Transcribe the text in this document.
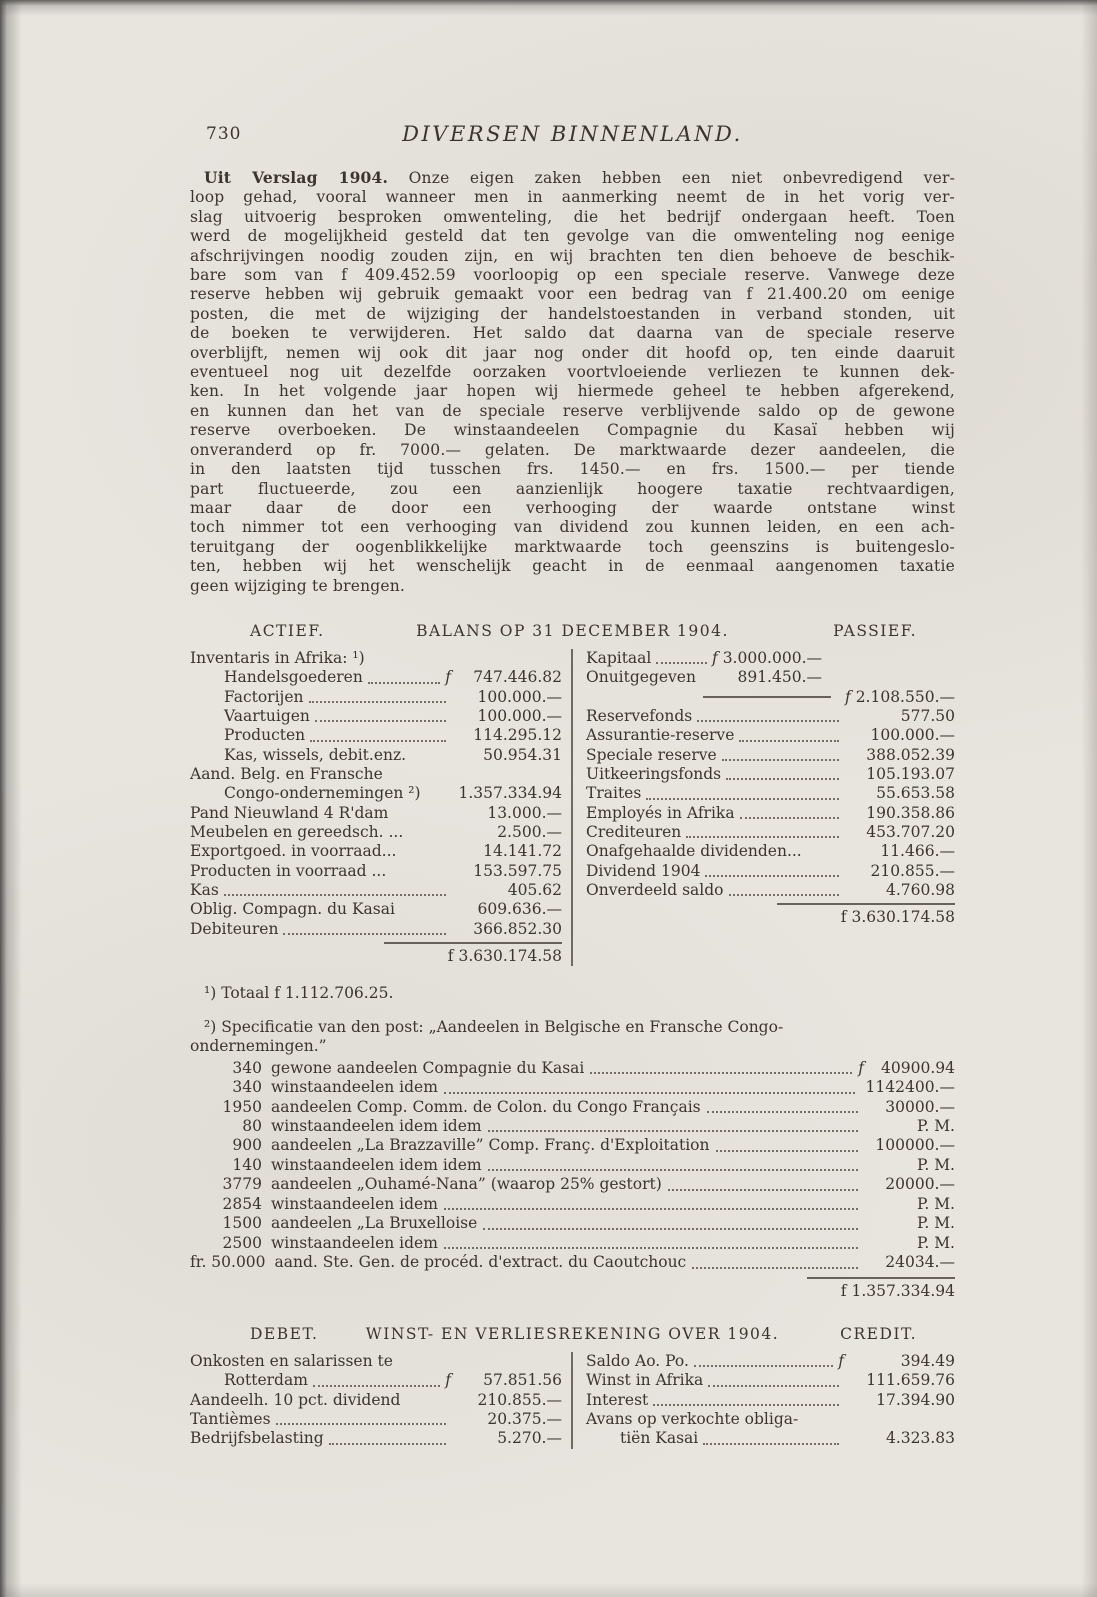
730	DIVERSEN BINNENLAND.
Uit Verslag 1904. Onze eigen zaken hebben een niet onbevredigend ver-
loop gehad, vooral wanneer men in aanmerking neemt de in het vorig ver-
slag uitvoerig besproken omwenteling, die het bedrijf ondergaan heeft. Toen
werd de mogelijkheid gesteld dat ten gevolge van die omwenteling nog eenige
afschrijvingen noodig zouden zijn, en wij brachten ten dien behoeve de beschik-
bare som van f 409.452.59 voorloopig op een speciale reserve. Vanwege deze
reserve hebben wij gebruik gemaakt voor een bedrag van f 21.400.20 om eenige
posten, die met de wijziging der handelstoestanden in verband stonden, uit
de boeken te verwijderen. Het saldo dat daarna van de speciale reserve
overblijft, nemen wij ook dit jaar nog onder dit hoofd op, ten einde daaruit
eventueel nog uit dezelfde oorzaken voortvloeiende verliezen te kunnen dek-
ken. In het volgende jaar hopen wij hiermede geheel te hebben afgerekend,
en kunnen dan het van de speciale reserve verblijvende saldo op de gewone
reserve overboeken. De winstaandeelen Compagnie du Kasaï hebben wij
onveranderd op fr. 7000.— gelaten. De marktwaarde dezer aandeelen, die
in den laatsten tijd tusschen frs. 1450.— en frs. 1500.— per tiende
part fluctueerde, zou een aanzienlijk hoogere taxatie rechtvaardigen,
maar daar de door een verhooging der waarde ontstane winst
toch nimmer tot een verhooging van dividend zou kunnen leiden, en een ach-
teruitgang der oogenblikkelijke marktwaarde toch geenszins is buitengeslo-
ten, hebben wij het wenschelijk geacht in de eenmaal aangenomen taxatie
geen wijziging te brengen.
ACTIEF.	BALANS OP 31 DECEMBER 1904.	PASSIEF.
Inventaris in Afrika: ¹)
Handelsgoederen	f	747.446.82
Factorijen	100.000.—
Vaartuigen	100.000.—
Producten	114.295.12
Kas, wissels, debit.enz.	50.954.31
Aand. Belg. en Fransche
Congo-ondernemingen ²) 1.357.334.94
Pand Nieuwland 4 R'dam	13.000.—
Meubelen en gereedsch. ...	2.500.—
Exportgoed. in voorraad...	14.141.72
Producten in voorraad ...	153.597.75
Kas	405.62
Oblig. Compagn. du Kasai	609.636.—
Debiteuren	366.852.30
f 3.630.174.58
Kapitaal	f 3.000.000.—
Onuitgegeven	891.450.—
f 2.108.550.—
Reservefonds	577.50
Assurantie-reserve	100.000.—
Speciale reserve	388.052.39
Uitkeeringsfonds	105.193.07
Traites	55.653.58
Employés in Afrika	190.358.86
Crediteuren	453.707.20
Onafgehaalde dividenden...	11.466.—
Dividend 1904	210.855.—
Onverdeeld saldo	4.760.98
f 3.630.174.58
¹) Totaal f 1.112.706.25.
²) Specificatie van den post: „Aandeelen in Belgische en Fransche Congo-
ondernemingen.”
340 gewone aandeelen Compagnie du Kasai	f	40900.94
340 winstaandeelen idem	1142400.—
1950 aandeelen Comp. Comm. de Colon. du Congo Français	30000.—
80 winstaandeelen idem idem	P. M.
900 aandeelen „La Brazzaville” Comp. Franç. d'Exploitation	100000.—
140 winstaandeelen idem idem	P. M.
3779 aandeelen „Ouhamé-Nana” (waarop 25% gestort)	20000.—
2854 winstaandeelen idem	P. M.
1500 aandeelen „La Bruxelloise	P. M.
2500 winstaandeelen idem	P. M.
fr. 50.000 aand. Ste. Gen. de procéd. d'extract. du Caoutchouc	24034.—
f 1.357.334.94
DEBET.	WINST- EN VERLIESREKENING OVER 1904.	CREDIT.
Onkosten en salarissen te
Rotterdam	f	57.851.56
Aandeelh. 10 pct. dividend	210.855.—
Tantièmes	20.375.—
Bedrijfsbelasting	5.270.—
Saldo Ao. Po.	f	394.49
Winst in Afrika	111.659.76
Interest	17.394.90
Avans op verkochte obliga-
tiën Kasai	4.323.83
